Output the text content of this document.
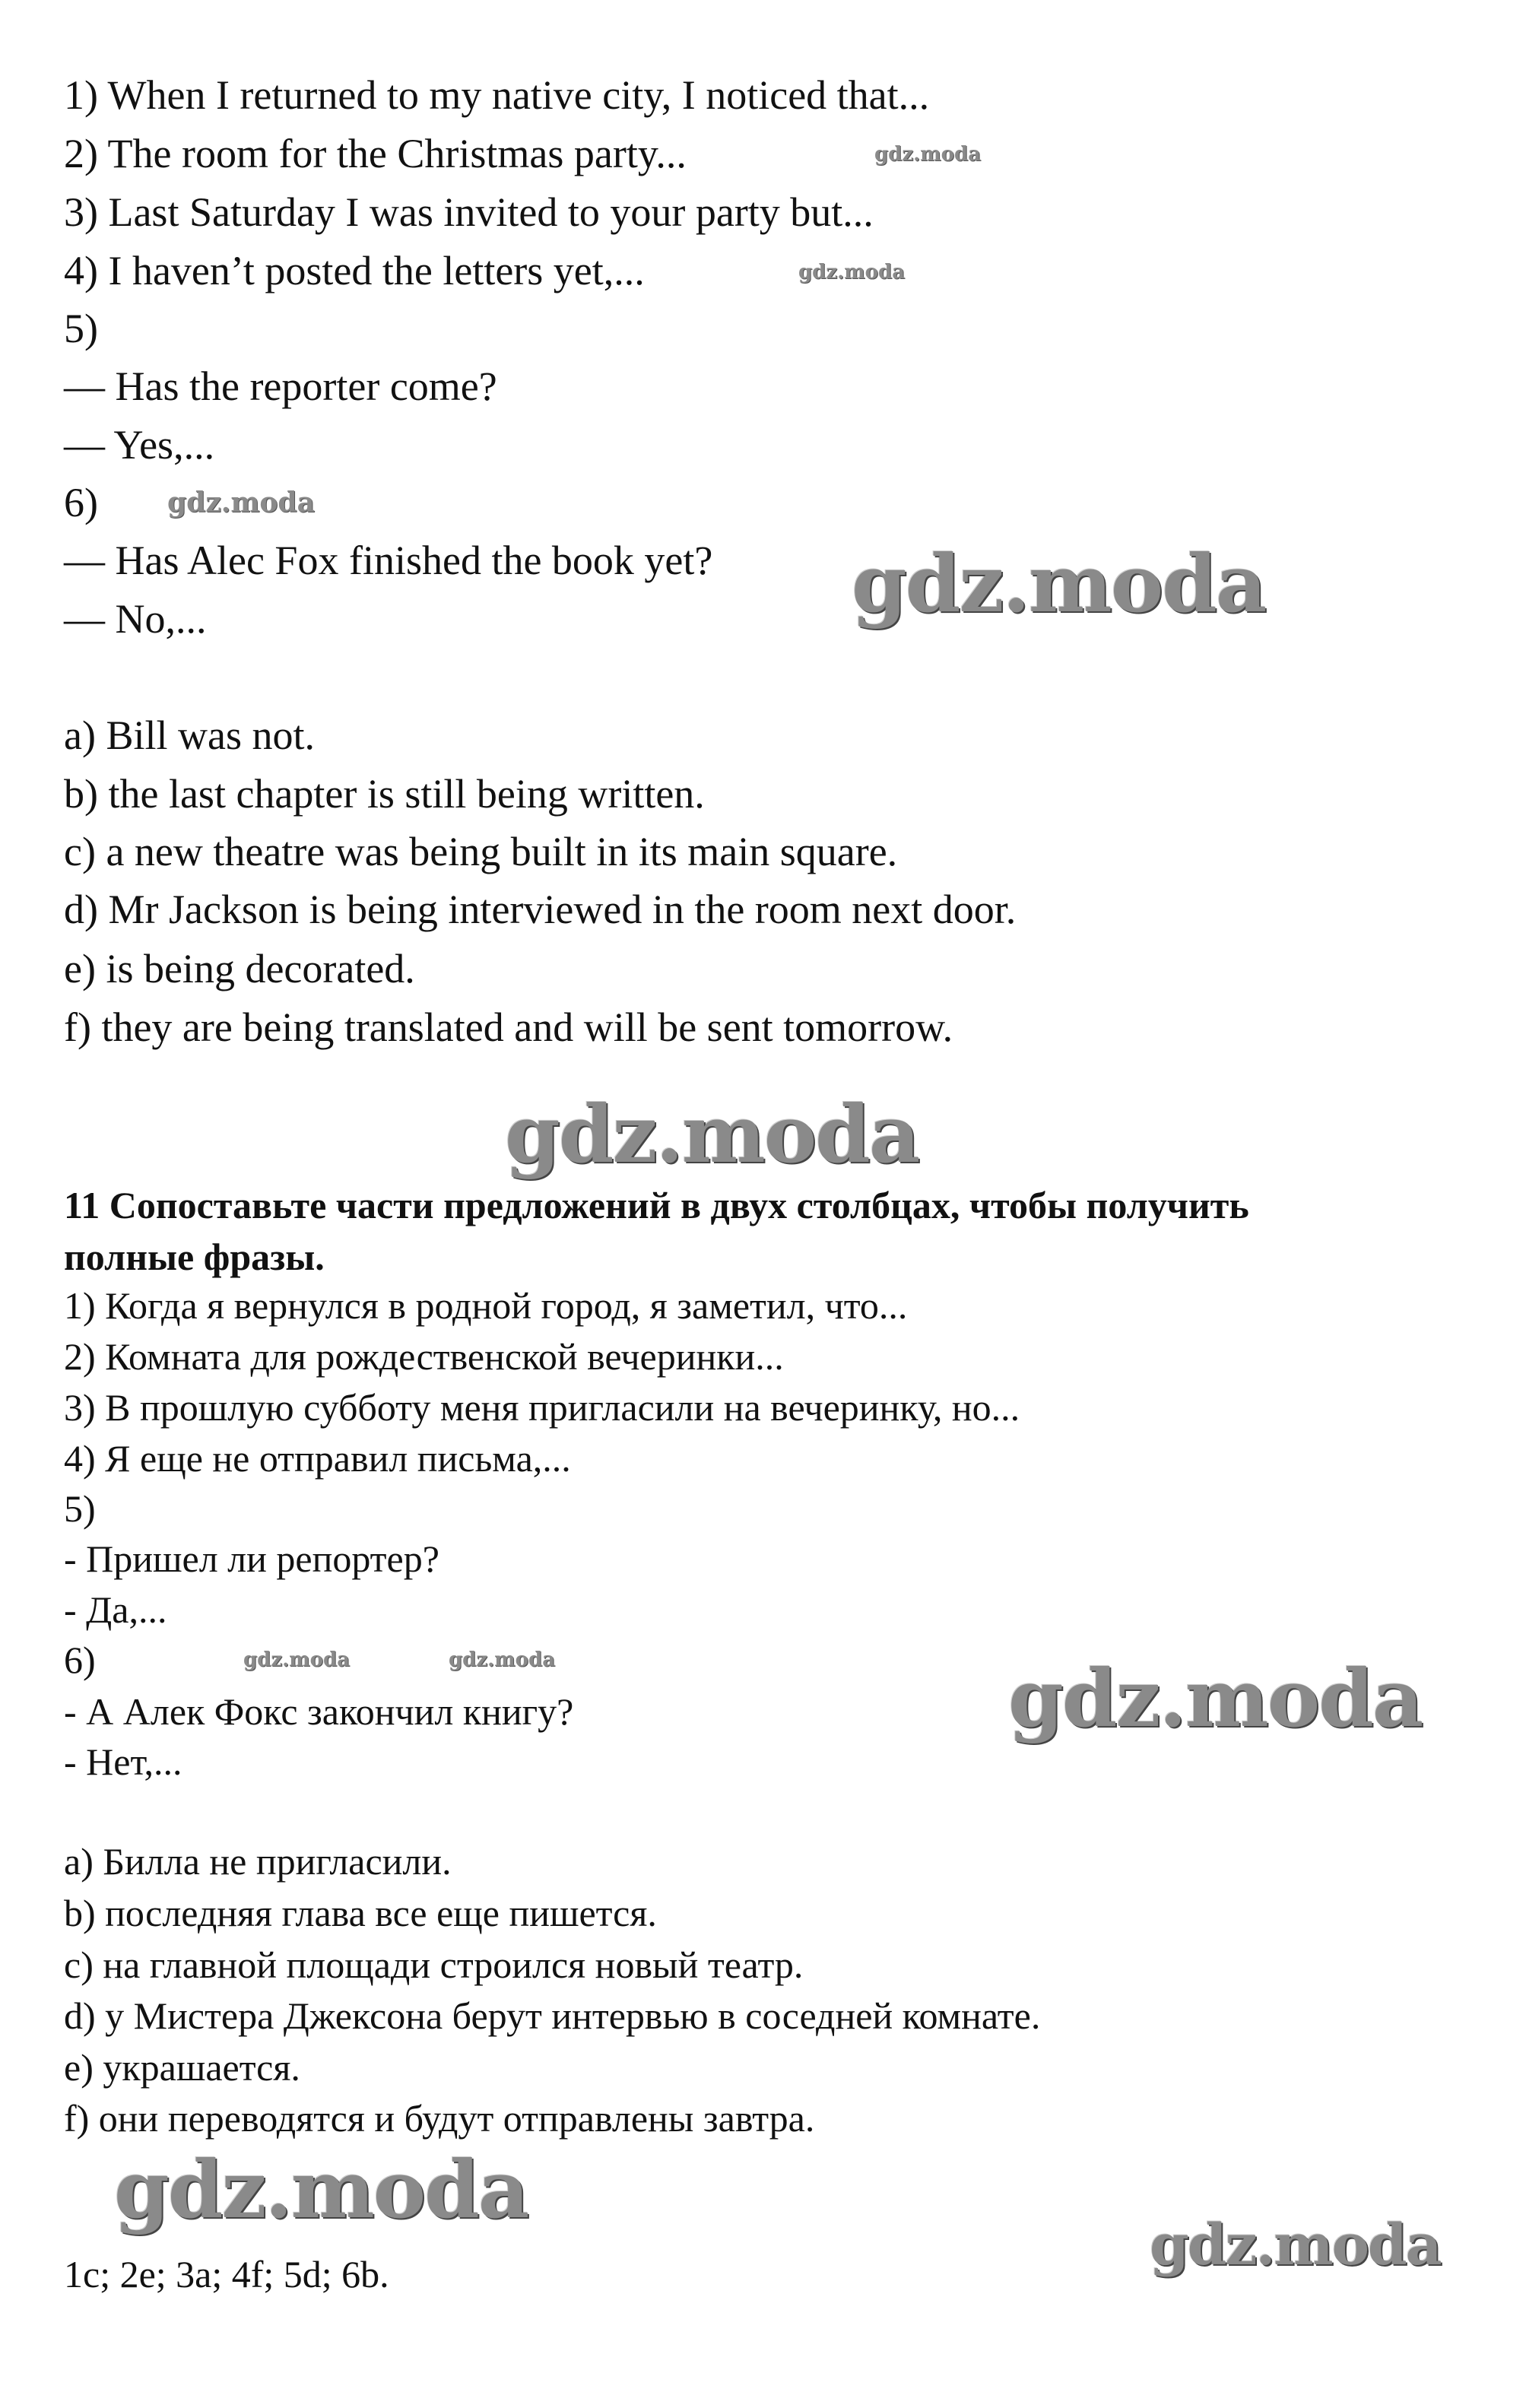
1) When I returned to my native city, I noticed that...
2) The room for the Christmas party...
3) Last Saturday I was invited to your party but...
4) I haven’t posted the letters yet,...
5)
— Has the reporter come?
— Yes,...
6)
— Has Alec Fox finished the book yet?
— No,...
a) Bill was not.
b) the last chapter is still being written.
c) a new theatre was being built in its main square.
d) Mr Jackson is being interviewed in the room next door.
e) is being decorated.
f) they are being translated and will be sent tomorrow.
11 Сопоставьте части предложений в двух столбцах, чтобы получить
полные фразы.
1) Когда я вернулся в родной город, я заметил, что...
2) Комната для рождественской вечеринки...
3) В прошлую субботу меня пригласили на вечеринку, но...
4) Я еще не отправил письма,...
5)
- Пришел ли репортер?
- Да,...
6)
- А Алек Фокс закончил книгу?
- Нет,...
a) Билла не пригласили.
b) последняя глава все еще пишется.
c) на главной площади строился новый театр.
d) у Мистера Джексона берут интервью в соседней комнате.
e) украшается.
f) они переводятся и будут отправлены завтра.
1c; 2e; 3a; 4f; 5d; 6b.
gdz.moda
gdz.moda
gdz.moda
gdz.moda
gdz.moda
gdz.moda	gdz.moda	gdz.moda
gdz.moda
gdz.moda
